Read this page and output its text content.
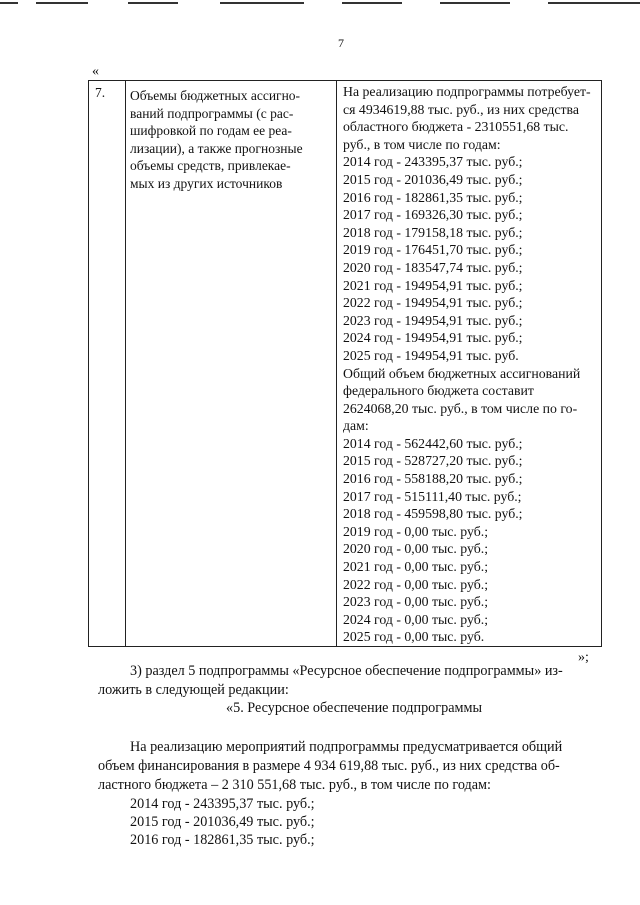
7
«
7.	Объемы бюджетных ассигно-
ваний подпрограммы (с рас-
шифровкой по годам ее реа-
лизации), а также прогнозные
объемы средств, привлекае-
мых из других источников

На реализацию подпрограммы потребует-
ся 4934619,88 тыс. руб., из них средства
областного бюджета - 2310551,68 тыс.
руб., в том числе по годам:
2014 год - 243395,37 тыс. руб.;
2015 год - 201036,49 тыс. руб.;
2016 год - 182861,35 тыс. руб.;
2017 год - 169326,30 тыс. руб.;
2018 год - 179158,18 тыс. руб.;
2019 год - 176451,70 тыс. руб.;
2020 год - 183547,74 тыс. руб.;
2021 год - 194954,91 тыс. руб.;
2022 год - 194954,91 тыс. руб.;
2023 год - 194954,91 тыс. руб.;
2024 год - 194954,91 тыс. руб.;
2025 год - 194954,91 тыс. руб.
Общий объем бюджетных ассигнований
федерального бюджета составит
2624068,20 тыс. руб., в том числе по го-
дам:
2014 год - 562442,60 тыс. руб.;
2015 год - 528727,20 тыс. руб.;
2016 год - 558188,20 тыс. руб.;
2017 год - 515111,40 тыс. руб.;
2018 год - 459598,80 тыс. руб.;
2019 год - 0,00 тыс. руб.;
2020 год - 0,00 тыс. руб.;
2021 год - 0,00 тыс. руб.;
2022 год - 0,00 тыс. руб.;
2023 год - 0,00 тыс. руб.;
2024 год - 0,00 тыс. руб.;
2025 год - 0,00 тыс. руб.
»;
3) раздел 5 подпрограммы «Ресурсное обеспечение подпрограммы» из-
ложить в следующей редакции:
«5. Ресурсное обеспечение подпрограммы
На реализацию мероприятий подпрограммы предусматривается общий
объем финансирования в размере 4 934 619,88 тыс. руб., из них средства об-
ластного бюджета – 2 310 551,68 тыс. руб., в том числе по годам:
2014 год - 243395,37 тыс. руб.;
2015 год - 201036,49 тыс. руб.;
2016 год - 182861,35 тыс. руб.;
